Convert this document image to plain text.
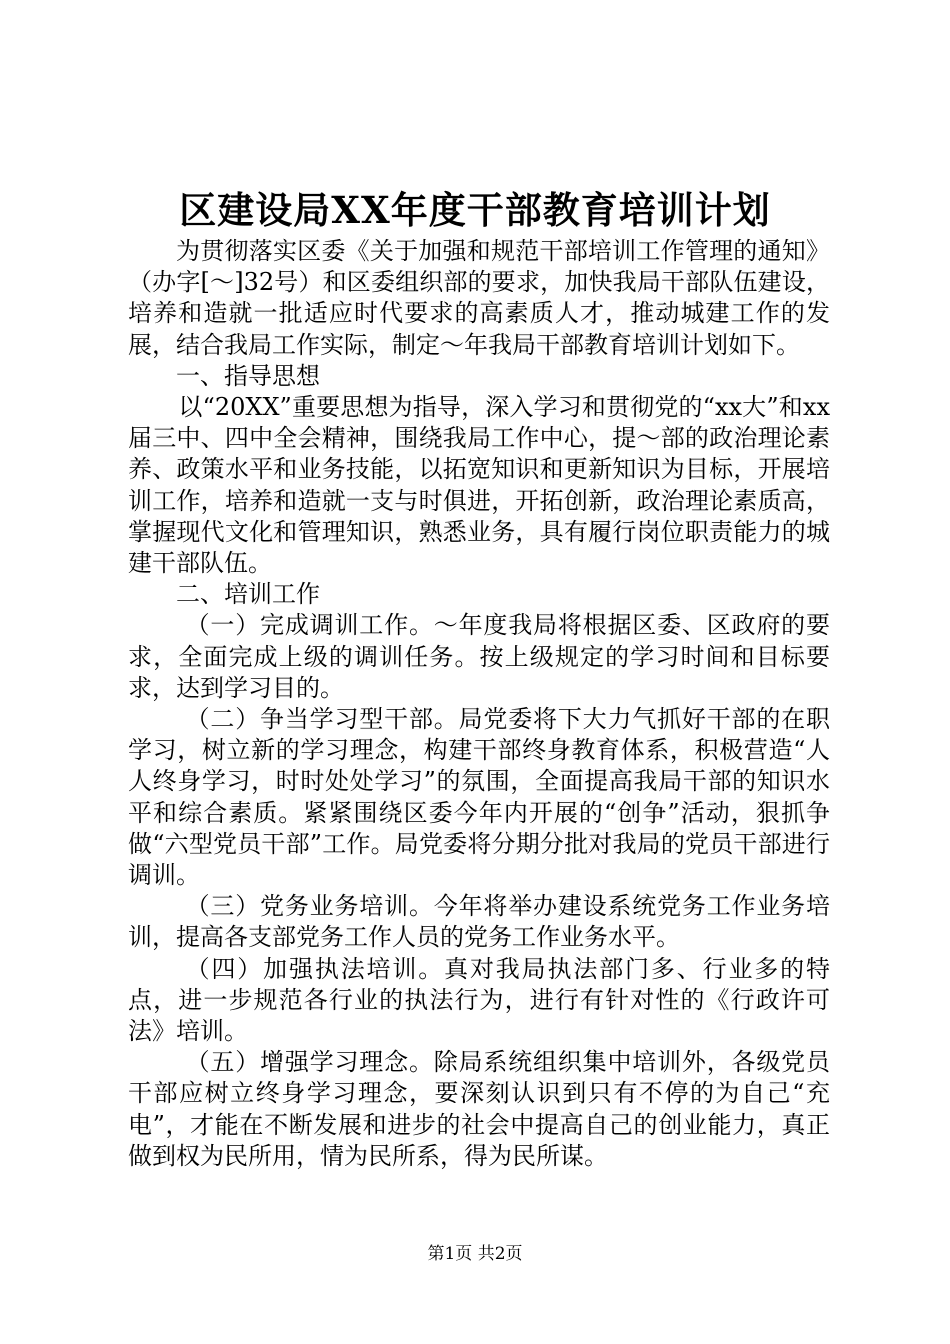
区建设局XX年度干部教育培训计划

为贯彻落实区委《关于加强和规范干部培训工作管理的通知》（办字[～]32号）和区委组织部的要求，加快我局干部队伍建设，培养和造就一批适应时代要求的高素质人才，推动城建工作的发展，结合我局工作实际，制定～年我局干部教育培训计划如下。

一、指导思想

以“20XX”重要思想为指导，深入学习和贯彻党的“xx大”和xx届三中、四中全会精神，围绕我局工作中心，提～部的政治理论素养、政策水平和业务技能，以拓宽知识和更新知识为目标，开展培训工作，培养和造就一支与时俱进，开拓创新，政治理论素质高，掌握现代文化和管理知识，熟悉业务，具有履行岗位职责能力的城建干部队伍。

二、培训工作

（一）完成调训工作。～年度我局将根据区委、区政府的要求，全面完成上级的调训任务。按上级规定的学习时间和目标要求，达到学习目的。

（二）争当学习型干部。局党委将下大力气抓好干部的在职学习，树立新的学习理念，构建干部终身教育体系，积极营造“人人终身学习，时时处处学习”的氛围，全面提高我局干部的知识水平和综合素质。紧紧围绕区委今年内开展的“创争”活动，狠抓争做“六型党员干部”工作。局党委将分期分批对我局的党员干部进行调训。

（三）党务业务培训。今年将举办建设系统党务工作业务培训，提高各支部党务工作人员的党务工作业务水平。

（四）加强执法培训。真对我局执法部门多、行业多的特点，进一步规范各行业的执法行为，进行有针对性的《行政许可法》培训。

（五）增强学习理念。除局系统组织集中培训外，各级党员干部应树立终身学习理念，要深刻认识到只有不停的为自己“充电”，才能在不断发展和进步的社会中提高自己的创业能力，真正做到权为民所用，情为民所系，得为民所谋。

第1页 共2页
